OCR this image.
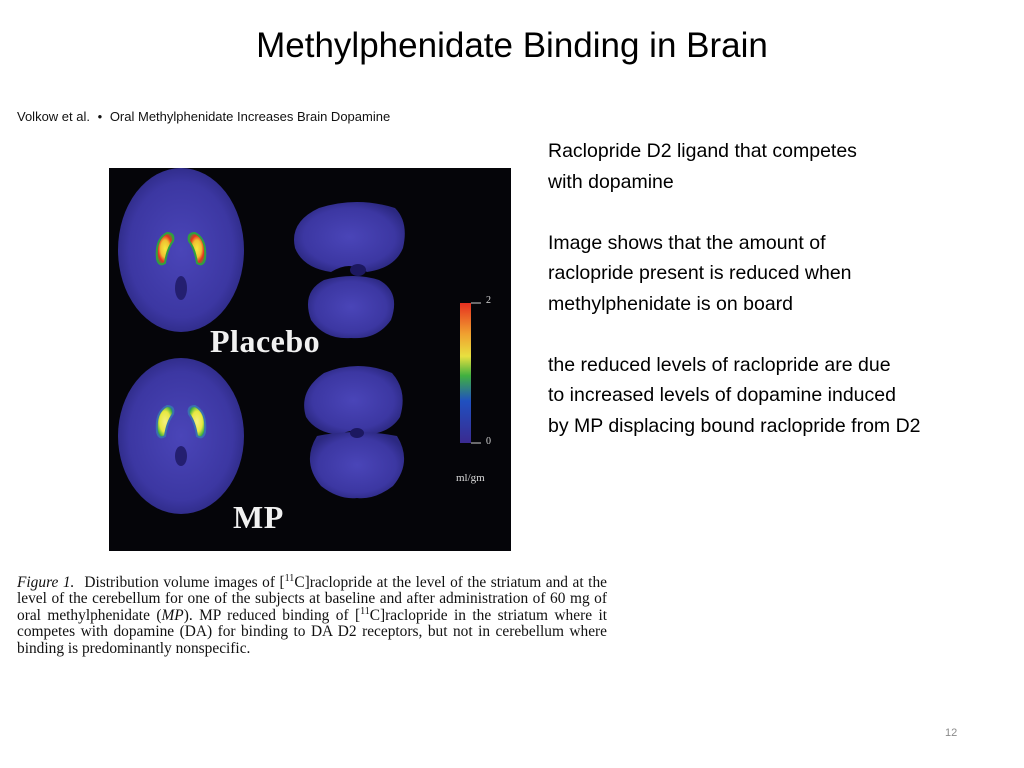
Methylphenidate Binding in Brain
Volkow et al. • Oral Methylphenidate Increases Brain Dopamine
Placebo
MP
2
0
ml/gm
Figure 1. Distribution volume images of [$^{11}$C]raclopride at the level of the striatum and at the level of the cerebellum for one of the subjects at baseline and after administration of 60 mg of oral methylphenidate (MP). MP reduced binding of [$^{11}$C]raclopride in the striatum where it competes with dopamine (DA) for binding to DA D2 receptors, but not in cerebellum where binding is predominantly nonspecific.

Raclopride D2 ligand that competes
with dopamine

Image shows that the amount of
raclopride present is reduced when
methylphenidate is on board

the reduced levels of raclopride are due
to increased levels of dopamine induced
by MP displacing bound raclopride from D2

12
